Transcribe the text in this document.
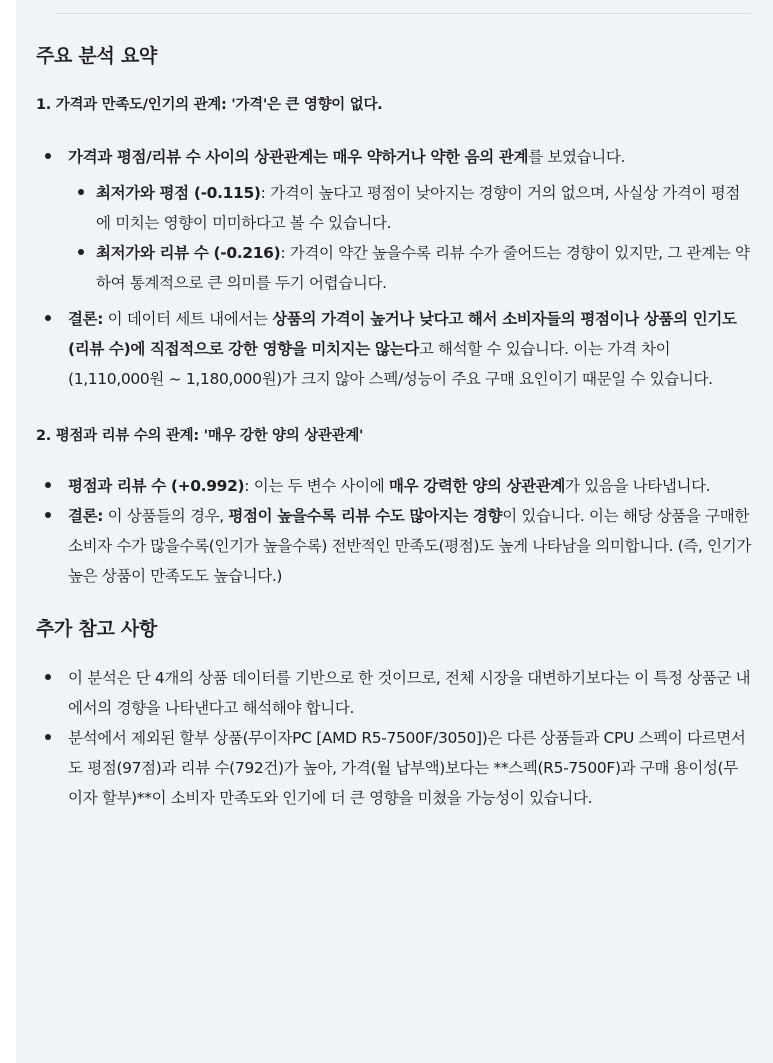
주요 분석 요약

1. 가격과 만족도/인기의 관계: '가격'은 큰 영향이 없다.

가격과 평점/리뷰 수 사이의 상관관계는 매우 약하거나 약한 음의 관계를 보였습니다.
최저가와 평점 (-0.115): 가격이 높다고 평점이 낮아지는 경향이 거의 없으며, 사실상 가격이 평점에 미치는 영향이 미미하다고 볼 수 있습니다.
최저가와 리뷰 수 (-0.216): 가격이 약간 높을수록 리뷰 수가 줄어드는 경향이 있지만, 그 관계는 약하여 통계적으로 큰 의미를 두기 어렵습니다.
결론: 이 데이터 세트 내에서는 상품의 가격이 높거나 낮다고 해서 소비자들의 평점이나 상품의 인기도(리뷰 수)에 직접적으로 강한 영향을 미치지는 않는다고 해석할 수 있습니다. 이는 가격 차이(1,110,000원 ~ 1,180,000원)가 크지 않아 스펙/성능이 주요 구매 요인이기 때문일 수 있습니다.

2. 평점과 리뷰 수의 관계: '매우 강한 양의 상관관계'

평점과 리뷰 수 (+0.992): 이는 두 변수 사이에 매우 강력한 양의 상관관계가 있음을 나타냅니다.
결론: 이 상품들의 경우, 평점이 높을수록 리뷰 수도 많아지는 경향이 있습니다. 이는 해당 상품을 구매한 소비자 수가 많을수록(인기가 높을수록) 전반적인 만족도(평점)도 높게 나타남을 의미합니다. (즉, 인기가 높은 상품이 만족도도 높습니다.)
추가 참고 사항
이 분석은 단 4개의 상품 데이터를 기반으로 한 것이므로, 전체 시장을 대변하기보다는 이 특정 상품군 내에서의 경향을 나타낸다고 해석해야 합니다.
분석에서 제외된 할부 상품(무이자PC [AMD R5-7500F/3050])은 다른 상품들과 CPU 스펙이 다르면서도 평점(97점)과 리뷰 수(792건)가 높아, 가격(월 납부액)보다는 **스펙(R5-7500F)과 구매 용이성(무이자 할부)**이 소비자 만족도와 인기에 더 큰 영향을 미쳤을 가능성이 있습니다.
